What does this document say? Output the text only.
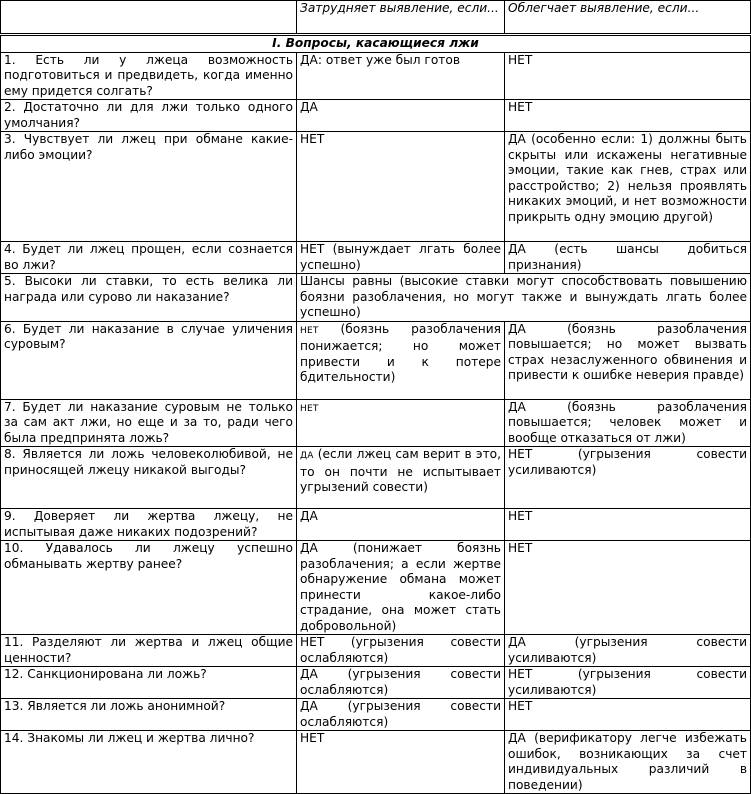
	Затрудняет выявление, если...	Облегчает выявление, если...
I. Вопросы, касающиеся лжи		
1. Есть ли у лжеца возможность подготовиться и предвидеть, когда именно ему придется солгать?	ДА: ответ уже был готов	НЕТ
2. Достаточно ли для лжи только одного умолчания?	ДА	НЕТ
3. Чувствует ли лжец при обмане какие-либо эмоции?	НЕТ	ДА (особенно если: 1) должны быть скрыты или искажены негативные эмоции, такие как гнев, страх или расстройство; 2) нельзя проявлять никаких эмоций, и нет возможности прикрыть одну эмоцию другой)
4. Будет ли лжец прощен, если сознается во лжи?	НЕТ (вынуждает лгать более успешно)	ДА (есть шансы добиться признания)
5. Высоки ли ставки, то есть велика ли награда или сурово ли наказание?	Шансы равны (высокие ставки могут способствовать повышению боязни разоблачения, но могут также и вынуждать лгать более успешно)	
6. Будет ли наказание в случае уличения суровым?	НЕТ (боязнь разоблачения понижается; но может привести и к потере бдительности)	ДА (боязнь разоблачения повышается; но может вызвать страх незаслуженного обвинения и привести к ошибке неверия правде)
7. Будет ли наказание суровым не только за сам акт лжи, но еще и за то, ради чего была предпринята ложь?	НЕТ	ДА (боязнь разоблачения повышается; человек может и вообще отказаться от лжи)
8. Является ли ложь человеколюбивой, не приносящей лжецу никакой выгоды?	ДА (если лжец сам верит в это, то он почти не испытывает угрызений совести)	НЕТ (угрызения совести усиливаются)
9. Доверяет ли жертва лжецу, не испытывая даже никаких подозрений?	ДА	НЕТ
10. Удавалось ли лжецу успешно обманывать жертву ранее?	ДА (понижает боязнь разоблачения; а если жертве обнаружение обмана может принести какое-либо страдание, она может стать добровольной)	НЕТ
11. Разделяют ли жертва и лжец общие ценности?	НЕТ (угрызения совести ослабляются)	ДА (угрызения совести усиливаются)
12. Санкционирована ли ложь?	ДА (угрызения совести ослабляются)	НЕТ (угрызения совести усиливаются)
13. Является ли ложь анонимной?	ДА (угрызения совести ослабляются)	НЕТ
14. Знакомы ли лжец и жертва лично?	НЕТ	ДА (верификатору легче избежать ошибок, возникающих за счет индивидуальных различий в поведении)
